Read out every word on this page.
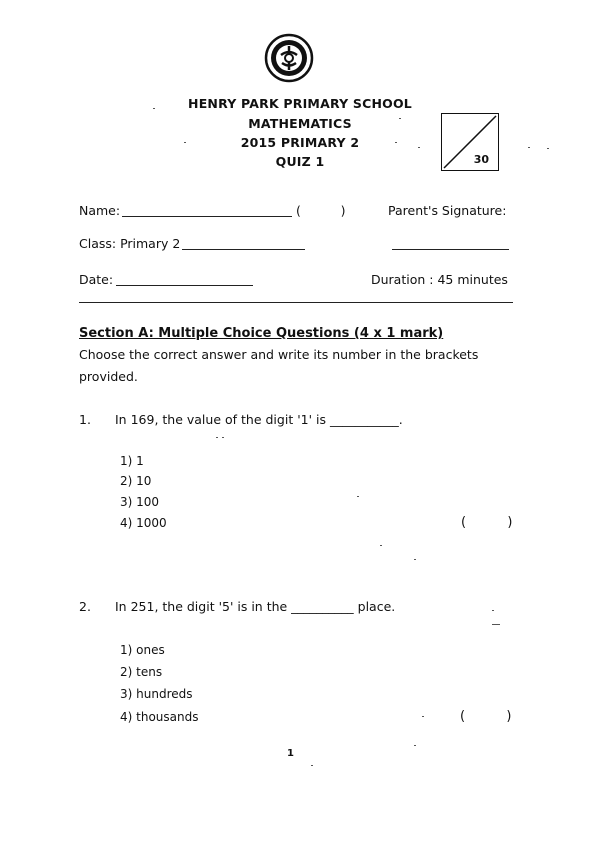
HENRY PARK PRIMARY SCHOOL
MATHEMATICS
2015 PRIMARY 2
QUIZ 1	30
Name:	(          )	Parent's Signature:
Class: Primary 2
Date:	Duration : 45 minutes
Section A: Multiple Choice Questions (4 x 1 mark)
Choose the correct answer and write its number in the brackets
provided.
1. In 169, the value of the digit '1' is ___________.
1) 1
2) 10
3) 100
4) 1000	(          )
2. In 251, the digit '5' is in the __________ place.
1) ones
2) tens
3) hundreds
4) thousands	(          )
1
